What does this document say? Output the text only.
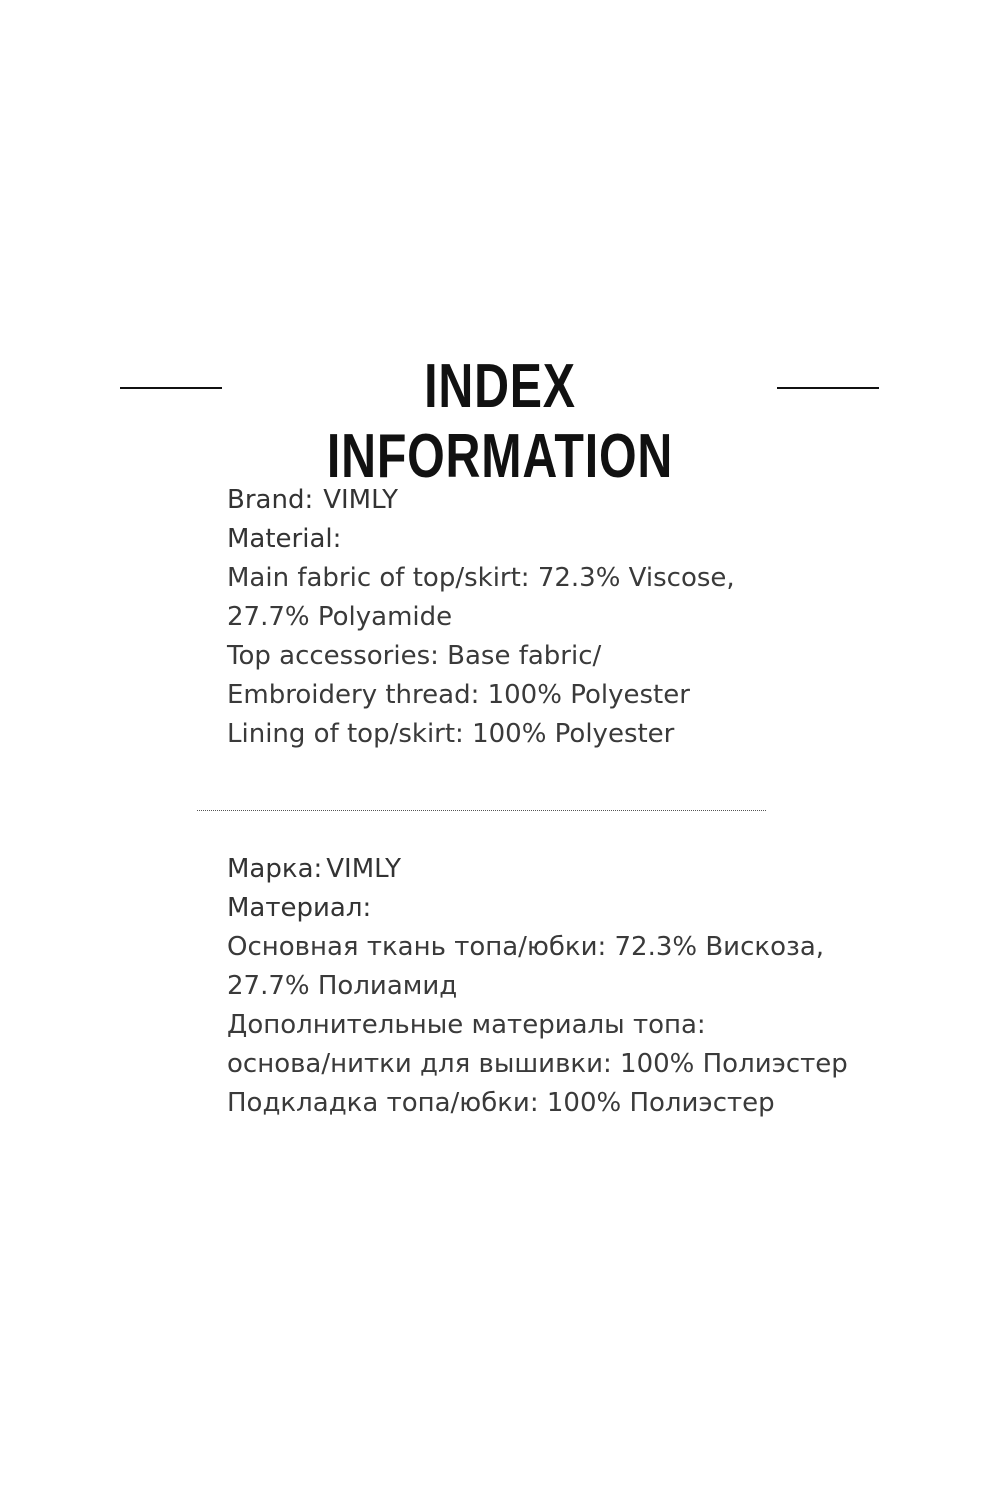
INDEX INFORMATION
Brand: VIMLY
Material:
Main fabric of top/skirt: 72.3% Viscose,
27.7% Polyamide
Top accessories: Base fabric/
Embroidery thread: 100% Polyester
Lining of top/skirt: 100% Polyester
Марка: VIMLY
Материал:
Основная ткань топа/юбки: 72.3% Вискоза,
27.7% Полиамид
Дополнительные материалы топа:
основа/нитки для вышивки: 100% Полиэстер
Подкладка топа/юбки: 100% Полиэстер
